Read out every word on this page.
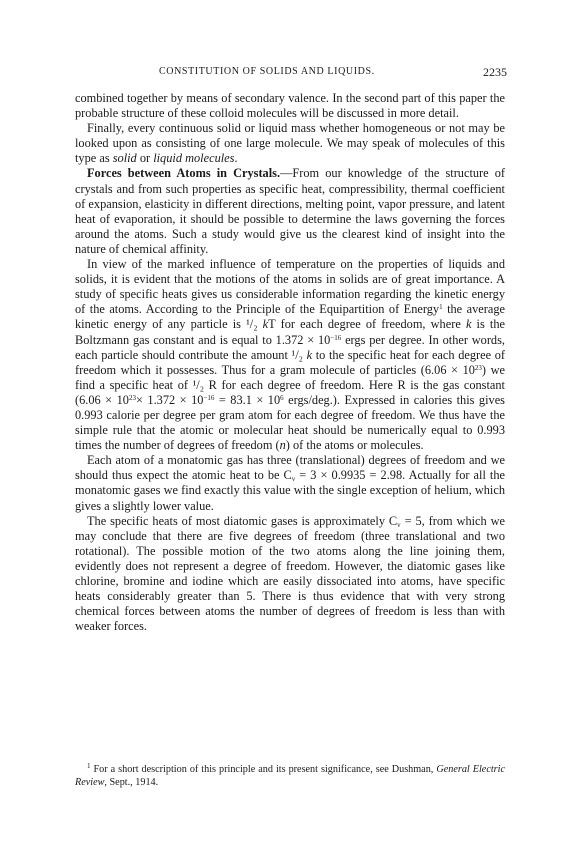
CONSTITUTION OF SOLIDS AND LIQUIDS.	2235

combined together by means of secondary valence. In the second part of this paper the probable structure of these colloid molecules will be discussed in more detail.

Finally, every continuous solid or liquid mass whether homogeneous or not may be looked upon as consisting of one large molecule. We may speak of molecules of this type as solid or liquid molecules.

Forces between Atoms in Crystals.—From our knowledge of the structure of crystals and from such properties as specific heat, compressibility, thermal coefficient of expansion, elasticity in different directions, melting point, vapor pressure, and latent heat of evaporation, it should be possible to determine the laws governing the forces around the atoms. Such a study would give us the clearest kind of insight into the nature of chemical affinity.

In view of the marked influence of temperature on the properties of liquids and solids, it is evident that the motions of the atoms in solids are of great importance. A study of specific heats gives us considerable information regarding the kinetic energy of the atoms. According to the Principle of the Equipartition of Energy$^1$ the average kinetic energy of any particle is ¹/₂ kT for each degree of freedom, where k is the Boltzmann gas constant and is equal to $1.372 \times 10^{-16}$ ergs per degree. In other words, each particle should contribute the amount ¹/₂ k to the specific heat for each degree of freedom which it possesses. Thus for a gram molecule of particles $(6.06 \times 10^{23})$ we find a specific heat of ¹/₂ R for each degree of freedom. Here R is the gas constant ($6.06 \times 10^{23}\times 1.372 \times 10^{-16} = 83.1 \times 10^6$ ergs/deg.). Expressed in calories this gives 0.993 calorie per degree per gram atom for each degree of freedom. We thus have the simple rule that the atomic or molecular heat should be numerically equal to 0.993 times the number of degrees of freedom (n) of the atoms or molecules.

Each atom of a monatomic gas has three (translational) degrees of freedom and we should thus expect the atomic heat to be $C_v = 3 \times 0.9935 = 2.98$. Actually for all the monatomic gases we find exactly this value with the single exception of helium, which gives a slightly lower value.

The specific heats of most diatomic gases is approximately $C_v = 5$, from which we may conclude that there are five degrees of freedom (three translational and two rotational). The possible motion of the two atoms along the line joining them, evidently does not represent a degree of freedom. However, the diatomic gases like chlorine, bromine and iodine which are easily dissociated into atoms, have specific heats considerably greater than 5. There is thus evidence that with very strong chemical forces between atoms the number of degrees of freedom is less than with weaker forces.

$^1$ For a short description of this principle and its present significance, see Dushman, General Electric Review, Sept., 1914.
